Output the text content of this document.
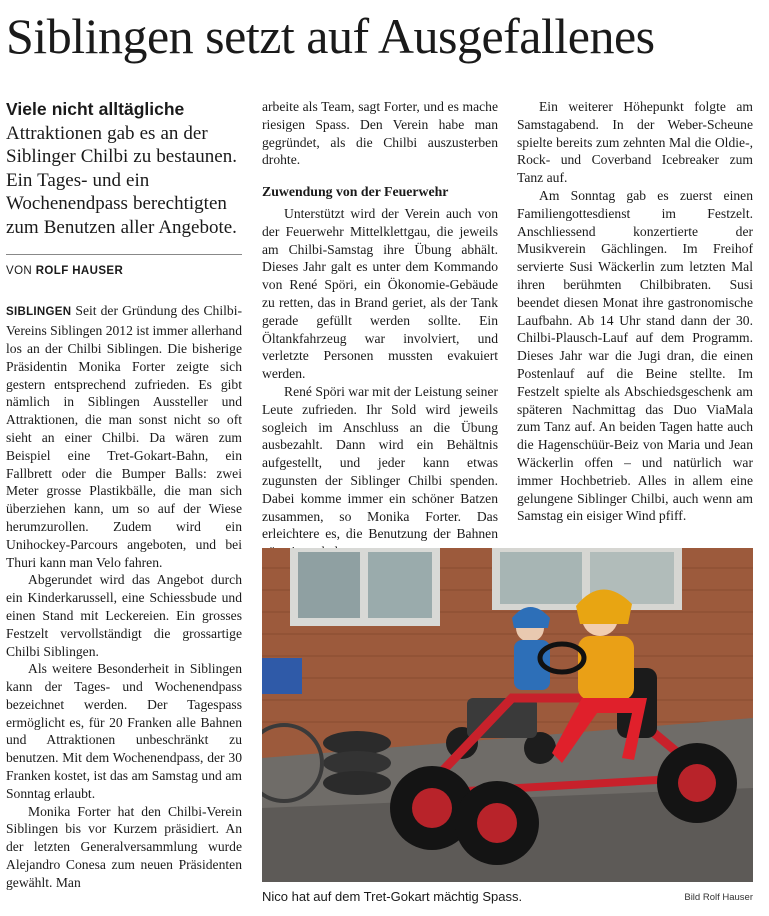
Siblingen setzt auf Ausgefallenes
Viele nicht alltägliche Attraktionen gab es an der Siblinger Chilbi zu bestaunen. Ein Tages- und ein Wochenendpass berechtigten zum Benutzen aller Angebote.
VON ROLF HAUSER

SIBLINGEN Seit der Gründung des Chilbi-Vereins Siblingen 2012 ist immer allerhand los an der Chilbi Siblingen. Die bisherige Präsidentin Monika Forter zeigte sich gestern entsprechend zufrieden. Es gibt nämlich in Siblingen Aussteller und Attraktionen, die man sonst nicht so oft sieht an einer Chilbi. Da wären zum Beispiel eine Tret-Gokart-Bahn, ein Fallbrett oder die Bumper Balls: zwei Meter grosse Plastikbälle, die man sich überziehen kann, um so auf der Wiese herumzurollen. Zudem wird ein Unihockey-Parcours angeboten, und bei Thuri kann man Velo fahren.

Abgerundet wird das Angebot durch ein Kinderkarussell, eine Schiessbude und einen Stand mit Leckereien. Ein grosses Festzelt vervollständigt die grossartige Chilbi Siblingen.

Als weitere Besonderheit in Siblingen kann der Tages- und Wochenendpass bezeichnet werden. Der Tagespass ermöglicht es, für 20 Franken alle Bahnen und Attraktionen unbeschränkt zu benutzen. Mit dem Wochenendpass, der 30 Franken kostet, ist das am Samstag und am Sonntag erlaubt.

Monika Forter hat den Chilbi-Verein Siblingen bis vor Kurzem präsidiert. An der letzten Generalversammlung wurde Alejandro Conesa zum neuen Präsidenten gewählt. Man

arbeite als Team, sagt Forter, und es mache riesigen Spass. Den Verein habe man gegründet, als die Chilbi auszusterben drohte.

Zuwendung von der Feuerwehr

Unterstützt wird der Verein auch von der Feuerwehr Mittelklettgau, die jeweils am Chilbi-Samstag ihre Übung abhält. Dieses Jahr galt es unter dem Kommando von René Spöri, ein Ökonomie-Gebäude zu retten, das in Brand geriet, als der Tank gerade gefüllt werden sollte. Ein Öltankfahrzeug war involviert, und verletzte Personen mussten evakuiert werden.

René Spöri war mit der Leistung seiner Leute zufrieden. Ihr Sold wird jeweils sogleich im Anschluss an die Übung ausbezahlt. Dann wird ein Behältnis aufgestellt, und jeder kann etwas zugunsten der Siblinger Chilbi spenden. Dabei komme immer ein schöner Batzen zusammen, so Monika Forter. Das erleichtere es, die Benutzung der Bahnen

Ein weiterer Höhepunkt folgte am Samstagabend. In der Weber-Scheune spielte bereits zum zehnten Mal die Oldie-, Rock- und Coverband Icebreaker zum Tanz auf.

Am Sonntag gab es zuerst einen Familiengottesdienst im Festzelt. Anschliessend konzertierte der Musikverein Gächlingen. Im Freihof servierte Susi Wäckerlin zum letzten Mal ihren berühmten Chilbibraten. Susi beendet diesen Monat ihre gastronomische Laufbahn. Ab 14 Uhr stand dann der 30. Chilbi-Plausch-Lauf auf dem Programm. Dieses Jahr war die Jugi dran, die einen Postenlauf auf die Beine stellte. Im Festzelt spielte als Abschiedsgeschenk am späteren Nachmittag das Duo ViaMala zum Tanz auf. An beiden Tagen hatte auch die Hagenschüür-Beiz von Maria und Jean Wäckerlin offen – und natürlich war immer Hochbetrieb. Alles in allem eine gelungene Siblinger Chilbi, auch wenn am Samstag ein eisiger Wind pfiff.

Nico hat auf dem Tret-Gokart mächtig Spass.	Bild Rolf Hauser
